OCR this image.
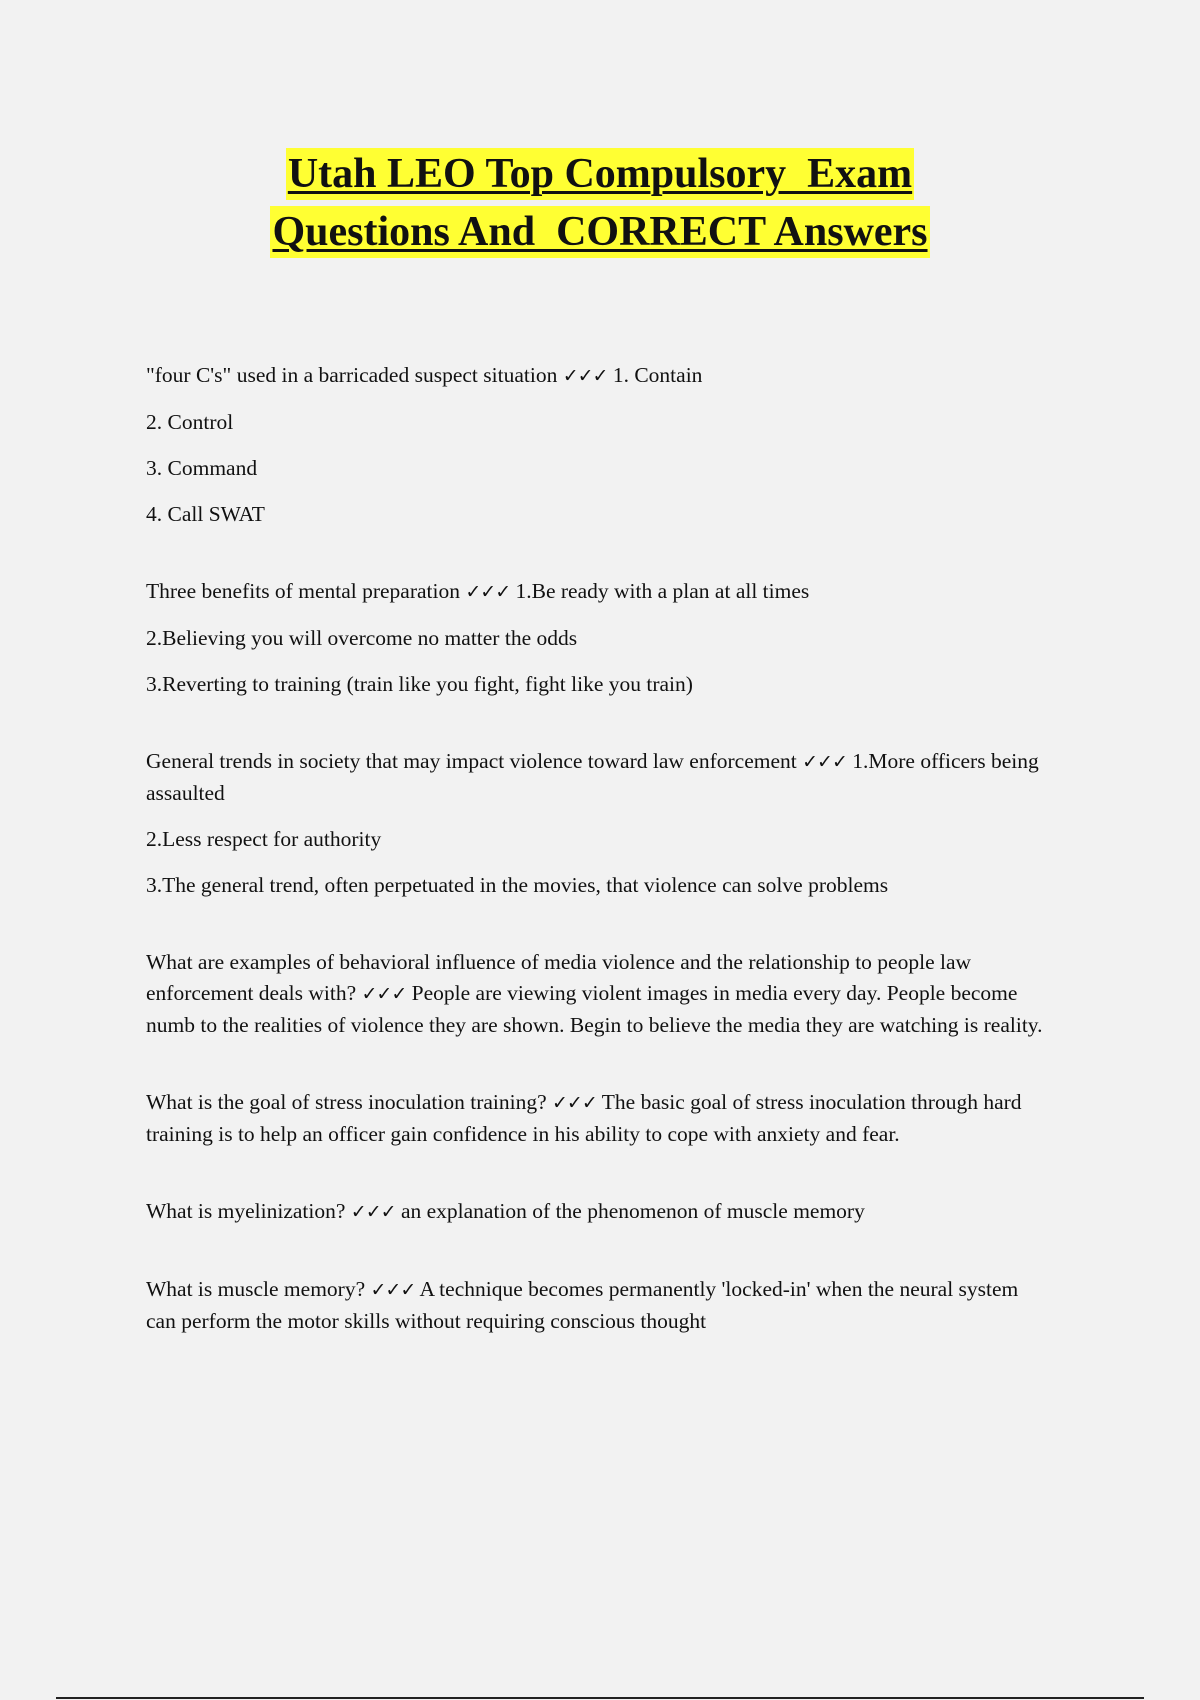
Utah LEO Top Compulsory  Exam
Questions And  CORRECT Answers

"four C's" used in a barricaded suspect situation ✓✓✓ 1. Contain

2. Control

3. Command

4. Call SWAT

Three benefits of mental preparation ✓✓✓ 1.Be ready with a plan at all times

2.Believing you will overcome no matter the odds

3.Reverting to training (train like you fight, fight like you train)

General trends in society that may impact violence toward law enforcement ✓✓✓ 1.More officers being assaulted

2.Less respect for authority

3.The general trend, often perpetuated in the movies, that violence can solve problems

What are examples of behavioral influence of media violence and the relationship to people law enforcement deals with? ✓✓✓ People are viewing violent images in media every day. People become numb to the realities of violence they are shown. Begin to believe the media they are watching is reality.

What is the goal of stress inoculation training? ✓✓✓ The basic goal of stress inoculation through hard training is to help an officer gain confidence in his ability to cope with anxiety and fear.

What is myelinization? ✓✓✓ an explanation of the phenomenon of muscle memory

What is muscle memory? ✓✓✓ A technique becomes permanently 'locked-in' when the neural system can perform the motor skills without requiring conscious thought
